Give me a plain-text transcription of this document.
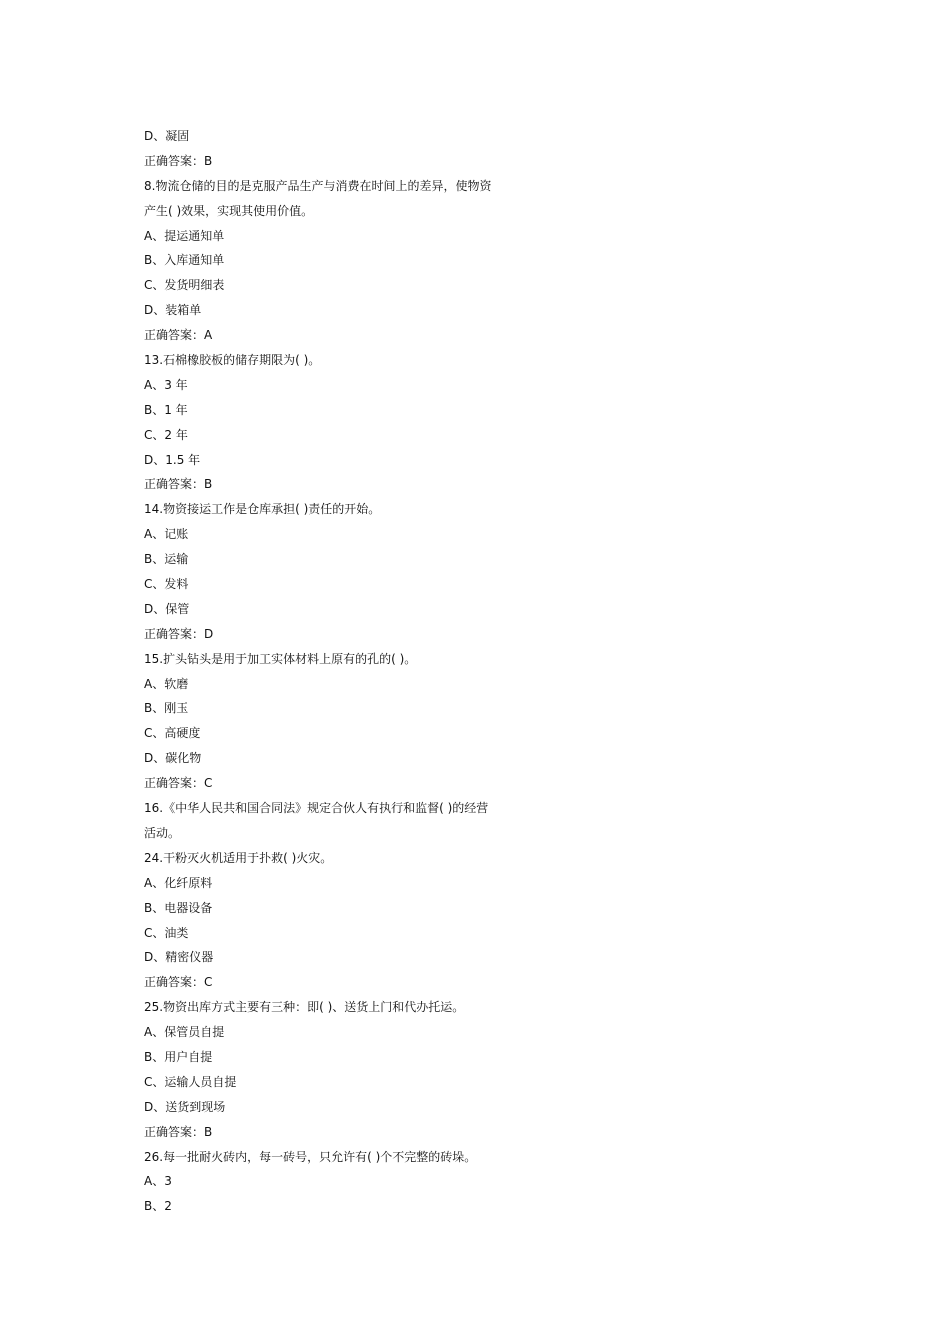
D、凝固
正确答案：B
8.物流仓储的目的是克服产品生产与消费在时间上的差异，使物资
产生( )效果，实现其使用价值。
A、提运通知单
B、入库通知单
C、发货明细表
D、装箱单
正确答案：A
13.石棉橡胶板的储存期限为( )。
A、3 年
B、1 年
C、2 年
D、1.5 年
正确答案：B
14.物资接运工作是仓库承担( )责任的开始。
A、记账
B、运输
C、发料
D、保管
正确答案：D
15.扩头钻头是用于加工实体材料上原有的孔的( )。
A、软磨
B、刚玉
C、高硬度
D、碳化物
正确答案：C
16.《中华人民共和国合同法》规定合伙人有执行和监督( )的经营
活动。
24.干粉灭火机适用于扑救( )火灾。
A、化纤原料
B、电器设备
C、油类
D、精密仪器
正确答案：C
25.物资出库方式主要有三种：即( )、送货上门和代办托运。
A、保管员自提
B、用户自提
C、运输人员自提
D、送货到现场
正确答案：B
26.每一批耐火砖内，每一砖号，只允许有( )个不完整的砖垛。
A、3
B、2
